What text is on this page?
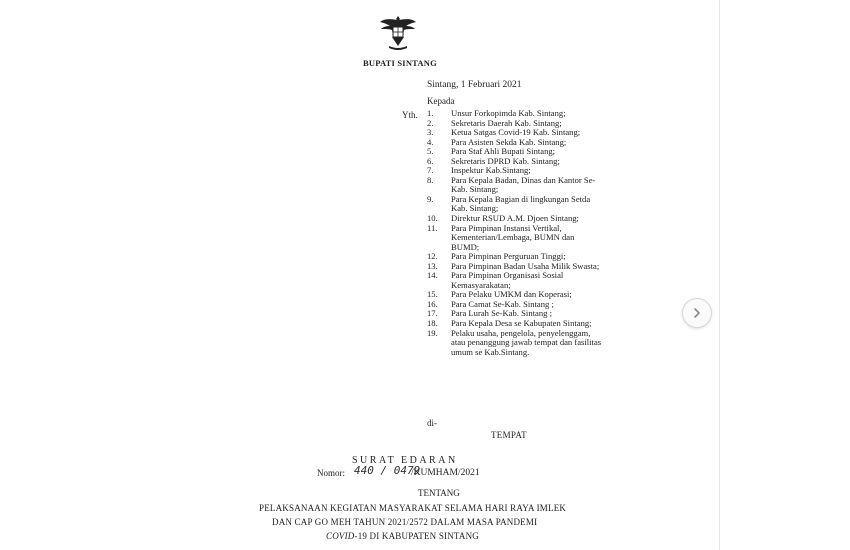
BUPATI SINTANG
Sintang, 1 Februari 2021
Kepada
Yth. 1. Unsur Forkopimda Kab. Sintang;
2. Sekretaris Daerah Kab. Sintang;
3. Ketua Satgas Covid-19 Kab. Sintang;
4. Para Asisten Sekda Kab. Sintang;
5. Para Staf Ahli Bupati Sintang;
6. Sekretaris DPRD Kab. Sintang;
7. Inspektur Kab.Sintang;
8. Para Kepala Badan, Dinas dan Kantor Se-Kab. Sintang;
9. Para Kepala Bagian di lingkungan Setda Kab. Sintang;
10. Direktur RSUD A.M. Djoen Sintang;
11. Para Pimpinan Instansi Vertikal, Kementerian/Lembaga, BUMN dan BUMD;
12. Para Pimpinan Perguruan Tinggi;
13. Para Pimpinan Badan Usaha Milik Swasta;
14. Para Pimpinan Organisasi Sosial Kemasyarakatan;
15. Para Pelaku UMKM dan Koperasi;
16. Para Camat Se-Kab. Sintang ;
17. Para Lurah Se-Kab. Sintang ;
18. Para Kepala Desa se Kabupaten Sintang;
19. Pelaku usaha, pengelola, penyelenggam, atau penanggung jawab tempat dan fasilitas umum se Kab.Sintang.
di-
TEMPAT
SURAT EDARAN
Nomor: 440 / 0479
/KUMHAM/2021
TENTANG
PELAKSANAAN KEGIATAN MASYARAKAT SELAMA HARI RAYA IMLEK
DAN CAP GO MEH TAHUN 2021/2572 DALAM MASA PANDEMI
COVID-19 DI KABUPATEN SINTANG
